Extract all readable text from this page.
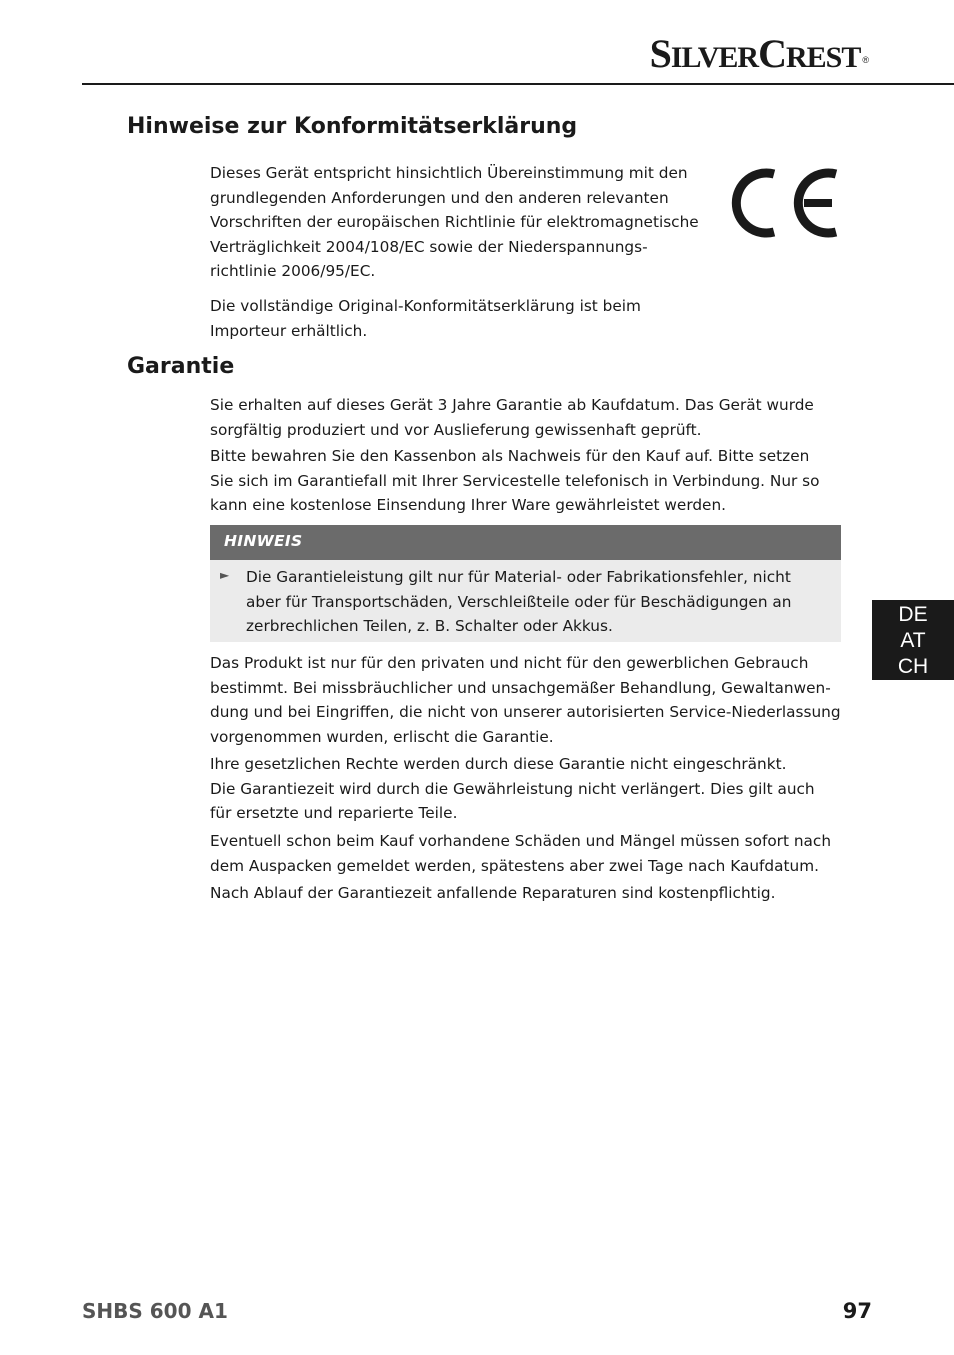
SILVERCREST ®
Hinweise zur Konformitätserklärung
Dieses Gerät entspricht hinsichtlich Übereinstimmung mit den
grundlegenden Anforderungen und den anderen relevanten
Vorschriften der europäischen Richtlinie für elektromagnetische
Verträglichkeit 2004/108/EC sowie der Niederspannungs-
richtlinie 2006/95/EC.
Die vollständige Original-Konformitätserklärung ist beim
Importeur erhältlich.
Garantie
Sie erhalten auf dieses Gerät 3 Jahre Garantie ab Kaufdatum. Das Gerät wurde
sorgfältig produziert und vor Auslieferung gewissenhaft geprüft.
Bitte bewahren Sie den Kassenbon als Nachweis für den Kauf auf. Bitte setzen
Sie sich im Garantiefall mit Ihrer Servicestelle telefonisch in Verbindung. Nur so
kann eine kostenlose Einsendung Ihrer Ware gewährleistet werden.
HINWEIS
► Die Garantieleistung gilt nur für Material- oder Fabrikationsfehler, nicht
aber für Transportschäden, Verschleißteile oder für Beschädigungen an
zerbrechlichen Teilen, z. B. Schalter oder Akkus.
Das Produkt ist nur für den privaten und nicht für den gewerblichen Gebrauch
bestimmt. Bei missbräuchlicher und unsachgemäßer Behandlung, Gewaltanwen-
dung und bei Eingriffen, die nicht von unserer autorisierten Service-Niederlassung
vorgenommen wurden, erlischt die Garantie.
Ihre gesetzlichen Rechte werden durch diese Garantie nicht eingeschränkt.
Die Garantiezeit wird durch die Gewährleistung nicht verlängert. Dies gilt auch
für ersetzte und reparierte Teile.
Eventuell schon beim Kauf vorhandene Schäden und Mängel müssen sofort nach
dem Auspacken gemeldet werden, spätestens aber zwei Tage nach Kaufdatum.
Nach Ablauf der Garantiezeit anfallende Reparaturen sind kostenpflichtig.
DE
AT
CH
SHBS 600 A1	97
